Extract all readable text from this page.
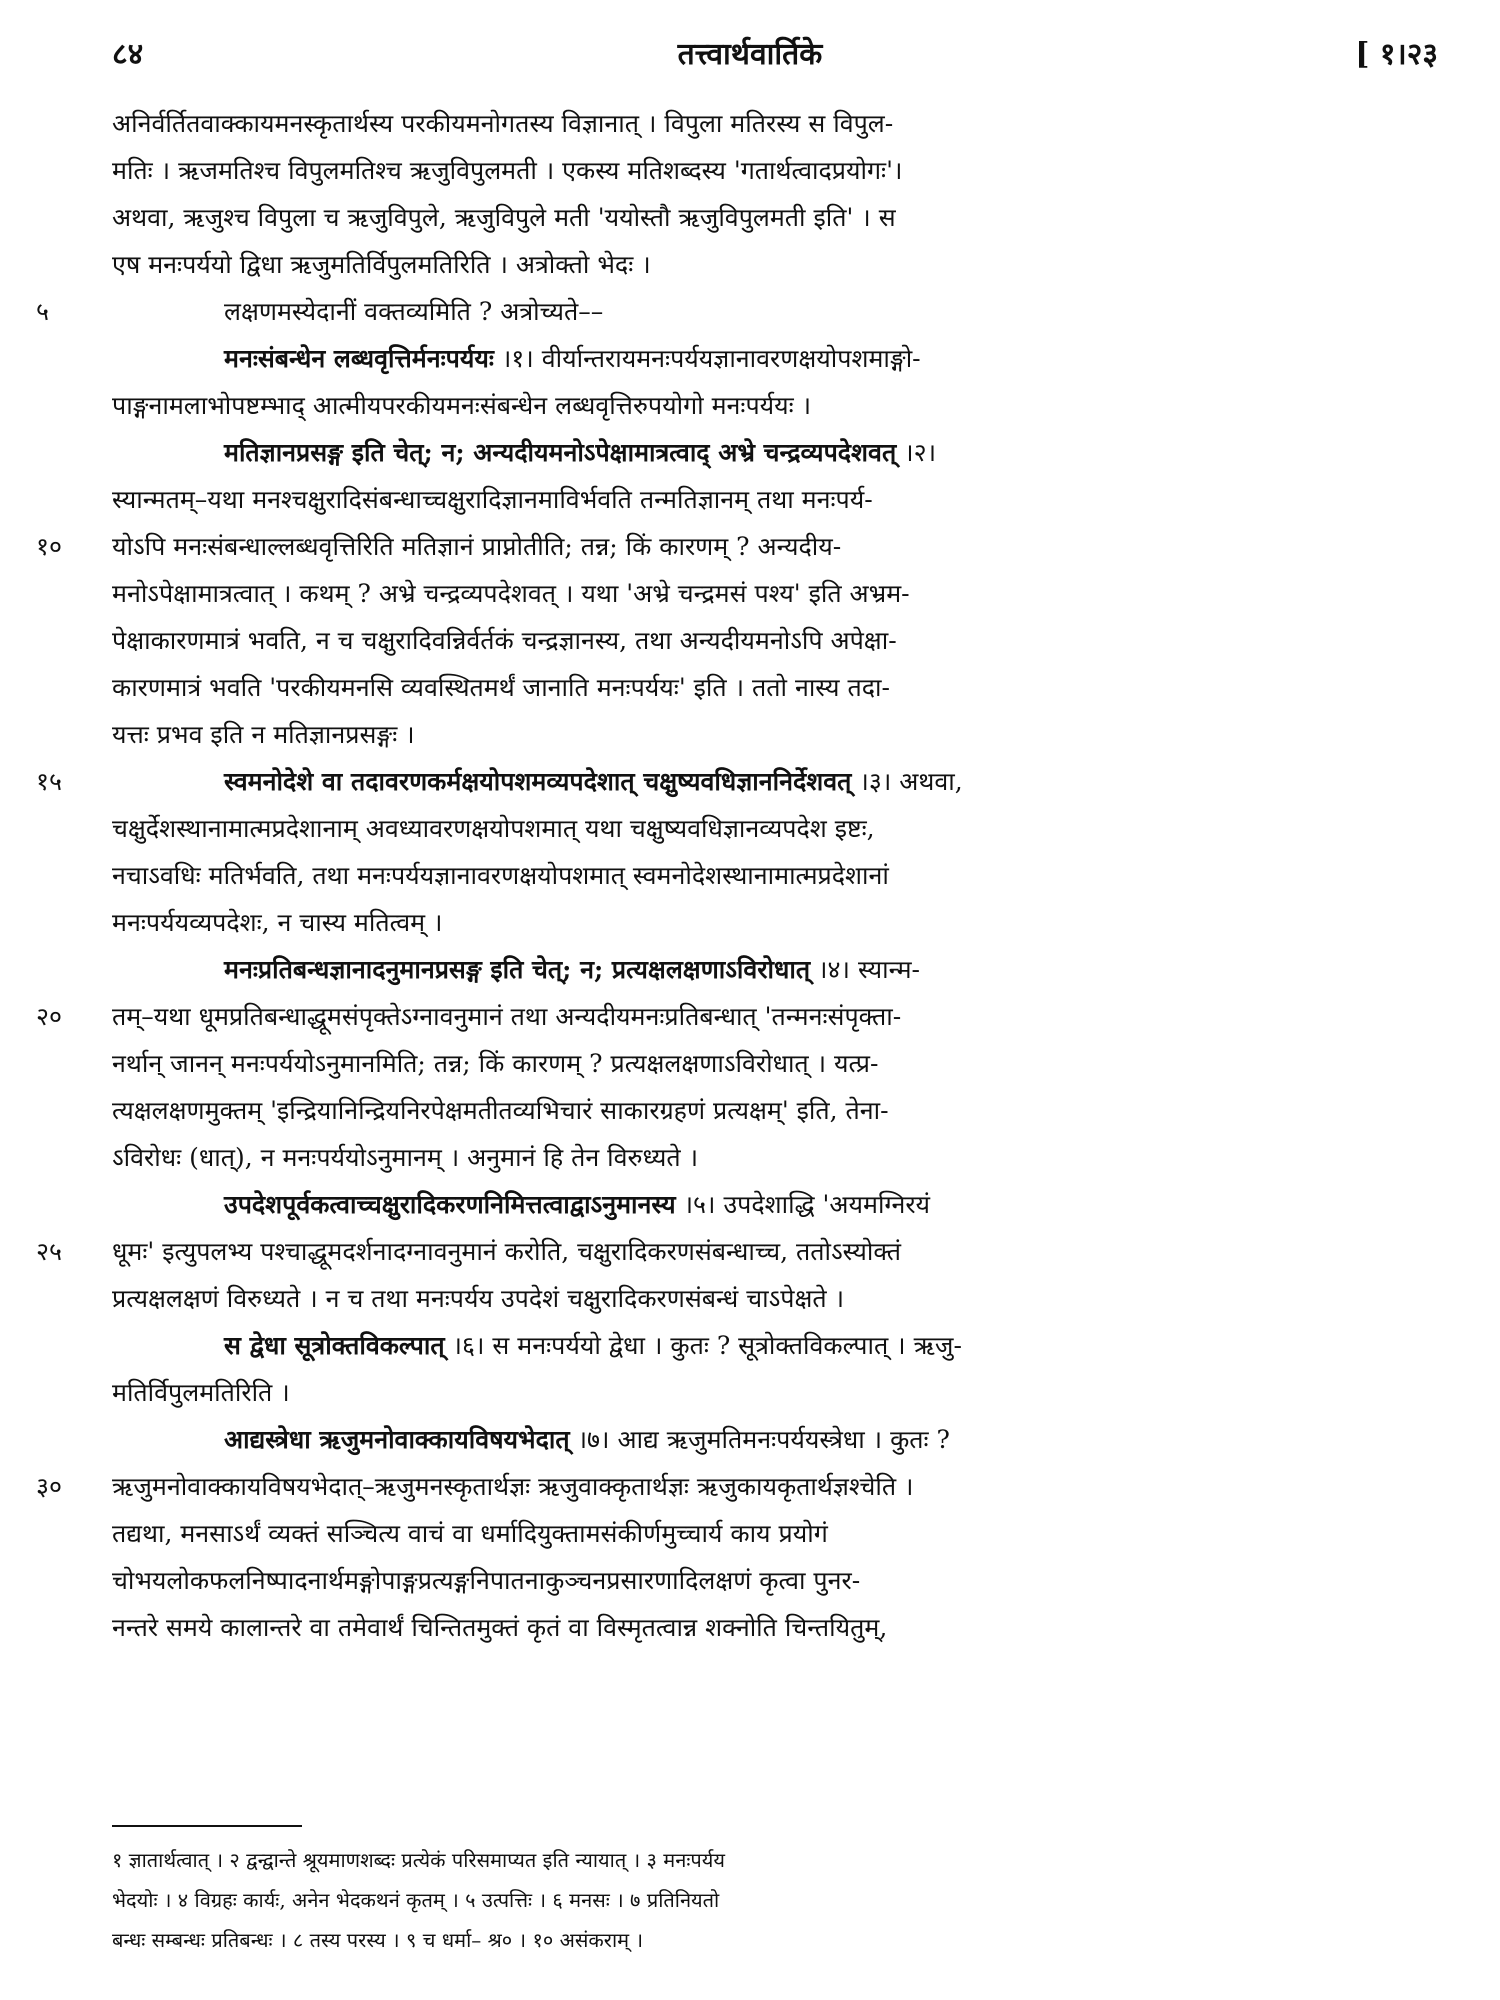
८४	तत्त्वार्थवार्तिके	[ १।२३
अनिर्वर्तितवाक्कायमनस्कृतार्थस्य परकीयमनोगतस्य विज्ञानात् । विपुला मतिरस्य स विपुल-
मतिः । ऋजमतिश्च विपुलमतिश्च ऋजुविपुलमती । एकस्य मतिशब्दस्य 'गतार्थत्वादप्रयोगः'।
अथवा, ऋजुश्च विपुला च ऋजुविपुले, ऋजुविपुले मती 'ययोस्तौ ऋजुविपुलमती इति' । स
एष मनःपर्ययो द्विधा ऋजुमतिर्विपुलमतिरिति । अत्रोक्तो भेदः ।
५	लक्षणमस्येदानीं वक्तव्यमिति ? अत्रोच्यते––
मनःसंबन्धेन लब्धवृत्तिर्मनःपर्ययः ।१। वीर्यान्तरायमनःपर्ययज्ञानावरणक्षयोपशमाङ्गो-
पाङ्गनामलाभोपष्टम्भाद् आत्मीयपरकीयमनःसंबन्धेन लब्धवृत्तिरुपयोगो मनःपर्ययः ।
मतिज्ञानप्रसङ्ग इति चेत्; न; अन्यदीयमनोऽपेक्षामात्रत्वाद् अभ्रे चन्द्रव्यपदेशवत् ।२।
स्यान्मतम्–यथा मनश्चक्षुरादिसंबन्धाच्चक्षुरादिज्ञानमाविर्भवति तन्मतिज्ञानम् तथा मनःपर्य-
१०	योऽपि मनःसंबन्धाल्लब्धवृत्तिरिति मतिज्ञानं प्राप्नोतीति; तन्न; किं कारणम् ? अन्यदीय-
मनोऽपेक्षामात्रत्वात् । कथम् ? अभ्रे चन्द्रव्यपदेशवत् । यथा 'अभ्रे चन्द्रमसं पश्य' इति अभ्रम-
पेक्षाकारणमात्रं भवति, न च चक्षुरादिवन्निर्वर्तकं चन्द्रज्ञानस्य, तथा अन्यदीयमनोऽपि अपेक्षा-
कारणमात्रं भवति 'परकीयमनसि व्यवस्थितमर्थं जानाति मनःपर्ययः' इति । ततो नास्य तदा-
यत्तः प्रभव इति न मतिज्ञानप्रसङ्गः ।
१५	स्वमनोदेशे वा तदावरणकर्मक्षयोपशमव्यपदेशात् चक्षुष्यवधिज्ञाननिर्देशवत् ।३। अथवा,
चक्षुर्देशस्थानामात्मप्रदेशानाम् अवध्यावरणक्षयोपशमात् यथा चक्षुष्यवधिज्ञानव्यपदेश इष्टः,
नचाऽवधिः मतिर्भवति, तथा मनःपर्ययज्ञानावरणक्षयोपशमात् स्वमनोदेशस्थानामात्मप्रदेशानां
मनःपर्ययव्यपदेशः, न चास्य मतित्वम् ।
मनःप्रतिबन्धज्ञानादनुमानप्रसङ्ग इति चेत्; न; प्रत्यक्षलक्षणाऽविरोधात् ।४। स्यान्म-
२०	तम्–यथा धूमप्रतिबन्धाद्धूमसंपृक्तेऽग्नावनुमानं तथा अन्यदीयमनःप्रतिबन्धात् 'तन्मनःसंपृक्ता-
नर्थान् जानन् मनःपर्ययोऽनुमानमिति; तन्न; किं कारणम् ? प्रत्यक्षलक्षणाऽविरोधात् । यत्प्र-
त्यक्षलक्षणमुक्तम् 'इन्द्रियानिन्द्रियनिरपेक्षमतीतव्यभिचारं साकारग्रहणं प्रत्यक्षम्' इति, तेना-
ऽविरोधः (धात्), न मनःपर्ययोऽनुमानम् । अनुमानं हि तेन विरुध्यते ।
उपदेशपूर्वकत्वाच्चक्षुरादिकरणनिमित्तत्वाद्वाऽनुमानस्य ।५। उपदेशाद्धि 'अयमग्निरयं
२५	धूमः' इत्युपलभ्य पश्चाद्धूमदर्शनादग्नावनुमानं करोति, चक्षुरादिकरणसंबन्धाच्च, ततोऽस्योक्तं
प्रत्यक्षलक्षणं विरुध्यते । न च तथा मनःपर्यय उपदेशं चक्षुरादिकरणसंबन्धं चाऽपेक्षते ।
स द्वेधा सूत्रोक्तविकल्पात् ।६। स मनःपर्ययो द्वेधा । कुतः ? सूत्रोक्तविकल्पात् । ऋजु-
मतिर्विपुलमतिरिति ।
आद्यस्त्रेधा ऋजुमनोवाक्कायविषयभेदात् ।७। आद्य ऋजुमतिमनःपर्ययस्त्रेधा । कुतः ?
३०	ऋजुमनोवाक्कायविषयभेदात्–ऋजुमनस्कृतार्थज्ञः ऋजुवाक्कृतार्थज्ञः ऋजुकायकृतार्थज्ञश्चेति ।
तद्यथा, मनसाऽर्थं व्यक्तं सञ्चित्य वाचं वा धर्मादियुक्तामसंकीर्णमुच्चार्य काय प्रयोगं
चोभयलोकफलनिष्पादनार्थमङ्गोपाङ्गप्रत्यङ्गनिपातनाकुञ्चनप्रसारणादिलक्षणं कृत्वा पुनर-
नन्तरे समये कालान्तरे वा तमेवार्थं चिन्तितमुक्तं कृतं वा विस्मृतत्वान्न शक्नोति चिन्तयितुम्,
१ ज्ञातार्थत्वात् । २ द्वन्द्वान्ते श्रूयमाणशब्दः प्रत्येकं परिसमाप्यत इति न्यायात् । ३ मनःपर्यय
भेदयोः । ४ विग्रहः कार्यः, अनेन भेदकथनं कृतम् । ५ उत्पत्तिः । ६ मनसः । ७ प्रतिनियतो
बन्धः सम्बन्धः प्रतिबन्धः । ८ तस्य परस्य । ९ च धर्मा– श्र० । १० असंकराम् ।
